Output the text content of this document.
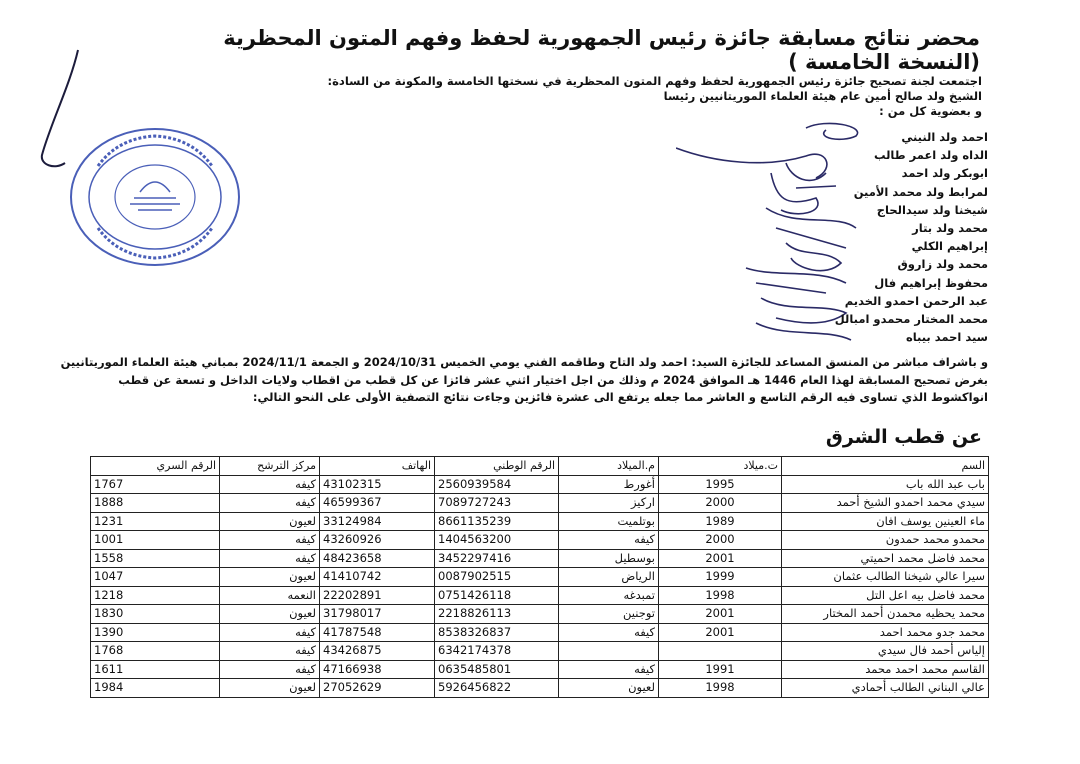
محضر نتائج مسابقة جائزة رئيس الجمهورية لحفظ وفهم المتون المحظرية (النسخة الخامسة )
اجتمعت لجنة تصحيح جائزة رئيس الجمهورية لحفظ وفهم المتون المحظرية في نسختها الخامسة والمكونة من السادة:
الشيخ ولد صالح أمين عام هيئة العلماء الموريتانيين رئيسا
و بعضوية كل من :
احمد ولد النيني
الداه ولد اعمر طالب
ابوبكر ولد احمد
لمرابط ولد محمد الأمين
شيخنا ولد سيدالحاج
محمد ولد بتار
إبراهيم الكلي
محمد ولد زاروق
محفوظ إبراهيم فال
عبد الرحمن احمدو الخديم
محمد المختار محمدو امبالل
سيد احمد بيباه
و باشراف مباشر من المنسق المساعد للجائزة السيد: احمد ولد التاح وطاقمه الفني يومي الخميس 2024/10/31 و الجمعة 2024/11/1 بمباني هيئة العلماء الموريتانيين
بغرض تصحيح المسابقة لهذا العام 1446 هـ الموافق 2024 م وذلك من اجل اختيار اثني عشر فائزا عن كل قطب من اقطاب ولايات الداخل و تسعة عن قطب
انواكشوط الذي تساوى فيه الرقم التاسع و العاشر مما جعله يرتفع الى عشرة فائزين وجاءت نتائج التصفية الأولى على النحو التالي:
عن قطب الشرق
السم	ت.ميلاد	م.الميلاد	الرقم الوطني	الهاتف	مركز الترشح	الرقم السري
باب عبد الله باب	1995	أغورط	2560939584	43102315	كيفه	1767
سيدي محمد احمدو الشيخ أحمد	2000	اركيز	7089727243	46599367	كيفه	1888
ماء العينين يوسف افان	1989	بوتلميت	8661135239	33124984	لعيون	1231
محمدو محمد حمدون	2000	كيفه	1404563200	43260926	كيفه	1001
محمد فاضل محمد احميتي	2001	بوسطيل	3452297416	48423658	كيفه	1558
سيرا عالي شيخنا الطالب عثمان	1999	الرياض	0087902515	41410742	لعيون	1047
محمد فاضل بيه اعل التل	1998	تمبدغه	0751426118	22202891	النعمه	1218
محمد يحظيه محمدن أحمد المختار	2001	توجنين	2218826113	31798017	لعيون	1830
محمد جدو محمد احمد	2001	كيفه	8538326837	41787548	كيفه	1390
إلياس أحمد فال سيدي			6342174378	43426875	كيفه	1768
القاسم محمد احمد محمد	1991	كيفه	0635485801	47166938	كيفه	1611
عالي البناني الطالب أحمادي	1998	لعيون	5926456822	27052629	لعيون	1984
